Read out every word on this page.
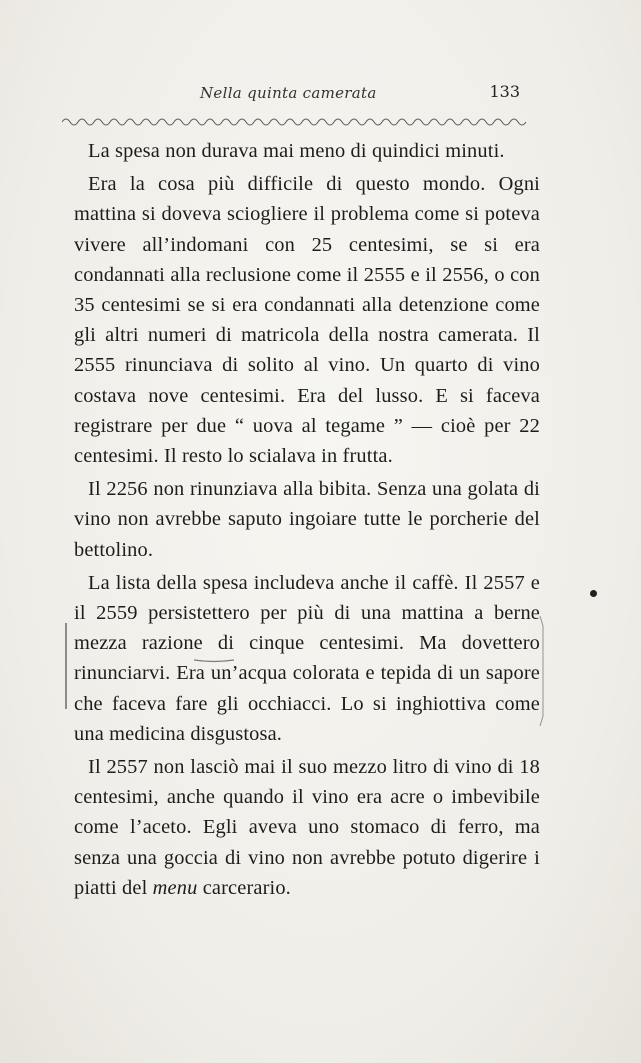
Nella quinta camerata	133

La spesa non durava mai meno di quindici minuti.

Era la cosa più difficile di questo mondo. Ogni mattina si doveva sciogliere il problema come si poteva vivere all’indomani con 25 centesimi, se si era condannati alla reclusione come il 2555 e il 2556, o con 35 centesimi se si era condannati alla detenzione come gli altri numeri di matricola della nostra camerata. Il 2555 rinunciava di solito al vino. Un quarto di vino costava nove centesimi. Era del lusso. E si faceva registrare per due “ uova al tegame ” — cioè per 22 centesimi. Il resto lo scialava in frutta.

Il 2256 non rinunziava alla bibita. Senza una golata di vino non avrebbe saputo ingoiare tutte le porcherie del bettolino.

La lista della spesa includeva anche il caffè. Il 2557 e il 2559 persistettero per più di una mattina a berne mezza razione di cinque centesimi. Ma dovettero rinunciarvi. Era un’acqua colorata e tepida di un sapore che faceva fare gli occhiacci. Lo si inghiottiva come una medicina disgustosa.

Il 2557 non lasciò mai il suo mezzo litro di vino di 18 centesimi, anche quando il vino era acre o imbevibile come l’aceto. Egli aveva uno stomaco di ferro, ma senza una goccia di vino non avrebbe potuto digerire i piatti del menu carcerario.
